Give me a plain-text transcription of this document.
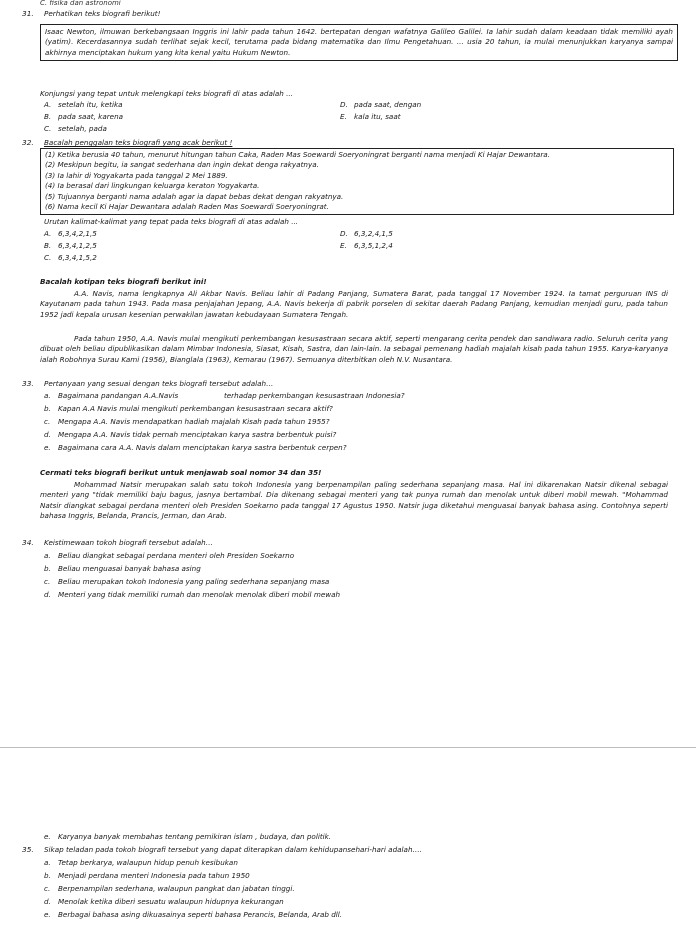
C. fisika dan astronomi
31. Perhatikan teks biografi berikut!
Isaac Newton, ilmuwan berkebangsaan Inggris ini lahir pada tahun 1642. bertepatan dengan wafatnya Galileo Galilei. Ia lahir sudah dalam keadaan tidak memiliki ayah (yatim). Kecerdasannya sudah terlihat sejak kecil, terutama pada bidang matematika dan Ilmu Pengetahuan. ... usia 20 tahun, ia mulai menunjukkan karyanya sampai akhirnya menciptakan hukum yang kita kenal yaitu Hukum Newton.
Konjungsi yang tepat untuk melengkapi teks biografi di atas adalah ...
A. setelah itu, ketika
B. pada saat, karena
C. setelah, pada
D. pada saat, dengan
E. kala itu, saat
32. Bacalah penggalan teks biografi yang acak berikut !
(1) Ketika berusia 40 tahun, menurut hitungan tahun Caka, Raden Mas Soewardi Soeryoningrat berganti nama menjadi Ki Hajar Dewantara.
(2) Meskipun begitu, ia sangat sederhana dan ingin dekat denga rakyatnya.
(3) Ia lahir di Yogyakarta pada tanggal 2 Mei 1889.
(4) Ia berasal dari lingkungan keluarga keraton Yogyakarta.
(5) Tujuannya berganti nama adalah agar ia dapat bebas dekat dengan rakyatnya.
(6) Nama kecil Ki Hajar Dewantara adalah Raden Mas Soewardi Soeryoningrat.
Urutan kalimat-kalimat yang tepat pada teks biografi di atas adalah ...
A. 6,3,4,2,1,5
B. 6,3,4,1,2,5
C. 6,3,4,1,5,2
D. 6,3,2,4,1,5
E. 6,3,5,1,2,4
Bacalah kotipan teks biografi berikut ini!
A.A. Navis, nama lengkapnya Ali Akbar Navis. Beliau lahir di Padang Panjang, Sumatera Barat, pada tanggal 17 November 1924. Ia tamat perguruan INS di Kayutanam pada tahun 1943. Pada masa penjajahan Jepang, A.A. Navis bekerja di pabrik porselen di sekitar daerah Padang Panjang, kemudian menjadi guru, pada tahun 1952 jadi kepala urusan kesenian perwakilan jawatan kebudayaan Sumatera Tengah.
Pada tahun 1950, A.A. Navis mulai mengikuti perkembangan kesusastraan secara aktif, seperti mengarang cerita pendek dan sandiwara radio. Seluruh cerita yang dibuat oleh beliau dipublikasikan dalam Mimbar Indonesia, Siasat, Kisah, Sastra, dan lain-lain. Ia sebagai pemenang hadiah majalah kisah pada tahun 1955. Karya-karyanya ialah Robohnya Surau Kami (1956), Bianglala (1963), Kemarau (1967). Semuanya diterbitkan oleh N.V. Nusantara.
33. Pertanyaan yang sesuai dengan teks biografi tersebut adalah…
a. Bagaimana pandangan A.A.Navis                    terhadap perkembangan kesusastraan Indonesia?
b. Kapan A.A Navis mulai mengikuti perkembangan kesusastraan secara aktif?
c. Mengapa A.A. Navis mendapatkan hadiah majalah Kisah pada tahun 1955?
d. Mengapa A.A. Navis tidak pernah menciptakan karya sastra berbentuk puisi?
e. Bagaimana cara A.A. Navis dalam menciptakan karya sastra berbentuk cerpen?
Cermati teks biografi berikut untuk menjawab soal nomor 34 dan 35!
Mohammad Natsir merupakan salah satu tokoh Indonesia yang berpenampilan paling sederhana sepanjang masa. Hal ini dikarenakan Natsir dikenal sebagai menteri yang "tidak memiliki baju bagus, jasnya bertambal. Dia dikenang sebagai menteri yang tak punya rumah dan menolak untuk diberi mobil mewah. "Mohammad Natsir diangkat sebagai perdana menteri oleh Presiden Soekarno pada tanggal 17 Agustus 1950. Natsir juga diketahui menguasai banyak bahasa asing. Contohnya seperti bahasa Inggris, Belanda, Prancis, Jerman, dan Arab.
34. Keistimewaan tokoh biografi tersebut adalah…
a. Beliau diangkat sebagai perdana menteri oleh Presiden Soekarno
b. Beliau menguasai banyak bahasa asing
c. Beliau merupakan tokoh Indonesia yang paling sederhana sepanjang masa
d. Menteri yang tidak memiliki rumah dan menolak menolak diberi mobil mewah
e. Karyanya banyak membahas tentang pemikiran islam , budaya, dan politik.
35. Sikap teladan pada tokoh biografi tersebut yang dapat diterapkan dalam kehidupansehari-hari adalah….
a. Tetap berkarya, walaupun hidup penuh kesibukan
b. Menjadi perdana menteri Indonesia pada tahun 1950
c. Berpenampilan sederhana, walaupun pangkat dan jabatan tinggi.
d. Menolak ketika diberi sesuatu walaupun hidupnya kekurangan
e. Berbagai bahasa asing dikuasainya seperti bahasa Perancis, Belanda, Arab dll.
